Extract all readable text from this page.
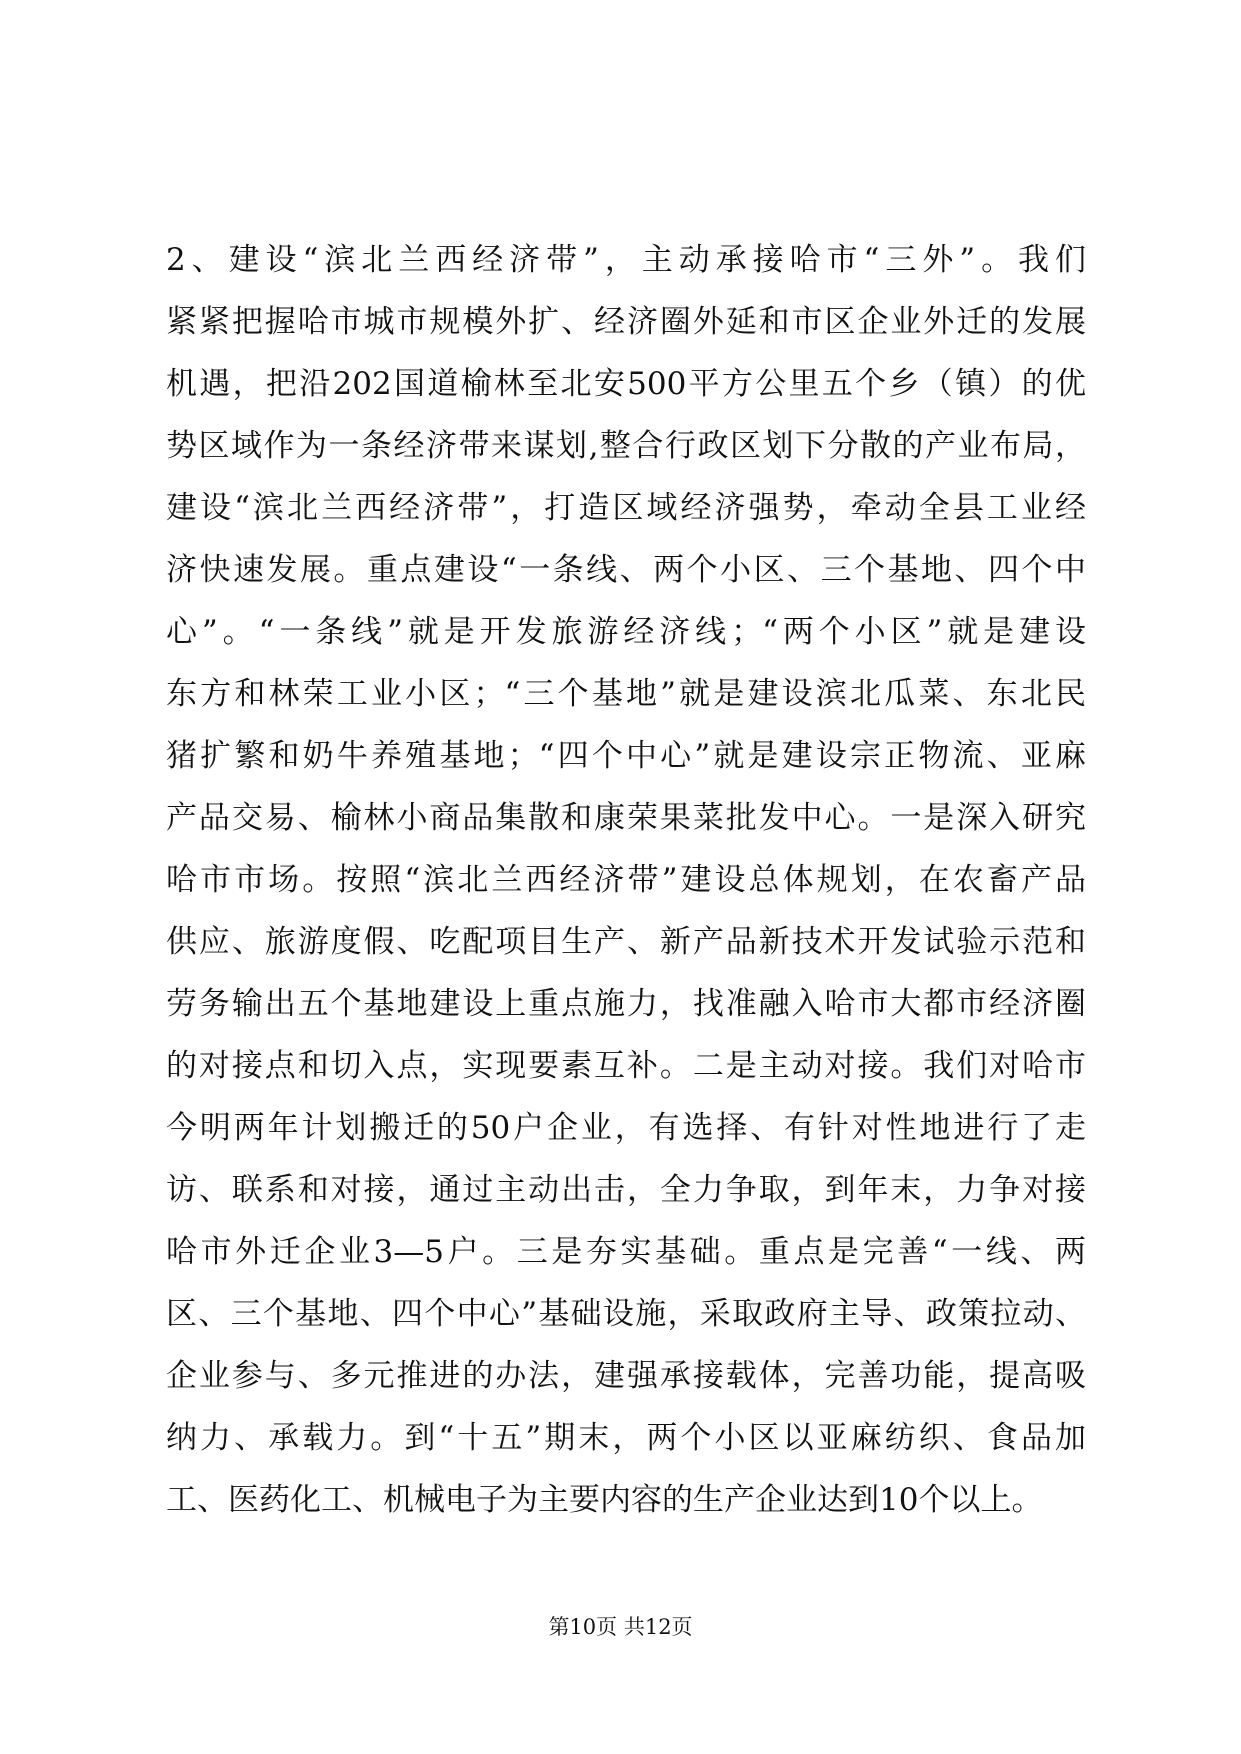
2、建设“滨北兰西经济带”，主动承接哈市“三外”。我们
紧紧把握哈市城市规模外扩、经济圈外延和市区企业外迁的发展
机遇，把沿202国道榆林至北安500平方公里五个乡（镇）的优
势区域作为一条经济带来谋划,整合行政区划下分散的产业布局，
建设“滨北兰西经济带”，打造区域经济强势，牵动全县工业经
济快速发展。重点建设“一条线、两个小区、三个基地、四个中
心”。“一条线”就是开发旅游经济线；“两个小区”就是建设
东方和林荣工业小区；“三个基地”就是建设滨北瓜菜、东北民
猪扩繁和奶牛养殖基地；“四个中心”就是建设宗正物流、亚麻
产品交易、榆林小商品集散和康荣果菜批发中心。一是深入研究
哈市市场。按照“滨北兰西经济带”建设总体规划，在农畜产品
供应、旅游度假、吃配项目生产、新产品新技术开发试验示范和
劳务输出五个基地建设上重点施力，找准融入哈市大都市经济圈
的对接点和切入点，实现要素互补。二是主动对接。我们对哈市
今明两年计划搬迁的50户企业，有选择、有针对性地进行了走
访、联系和对接，通过主动出击，全力争取，到年末，力争对接
哈市外迁企业3—5户。三是夯实基础。重点是完善“一线、两
区、三个基地、四个中心”基础设施，采取政府主导、政策拉动、
企业参与、多元推进的办法，建强承接载体，完善功能，提高吸
纳力、承载力。到“十五”期末，两个小区以亚麻纺织、食品加
工、医药化工、机械电子为主要内容的生产企业达到10个以上。
第10页 共12页
